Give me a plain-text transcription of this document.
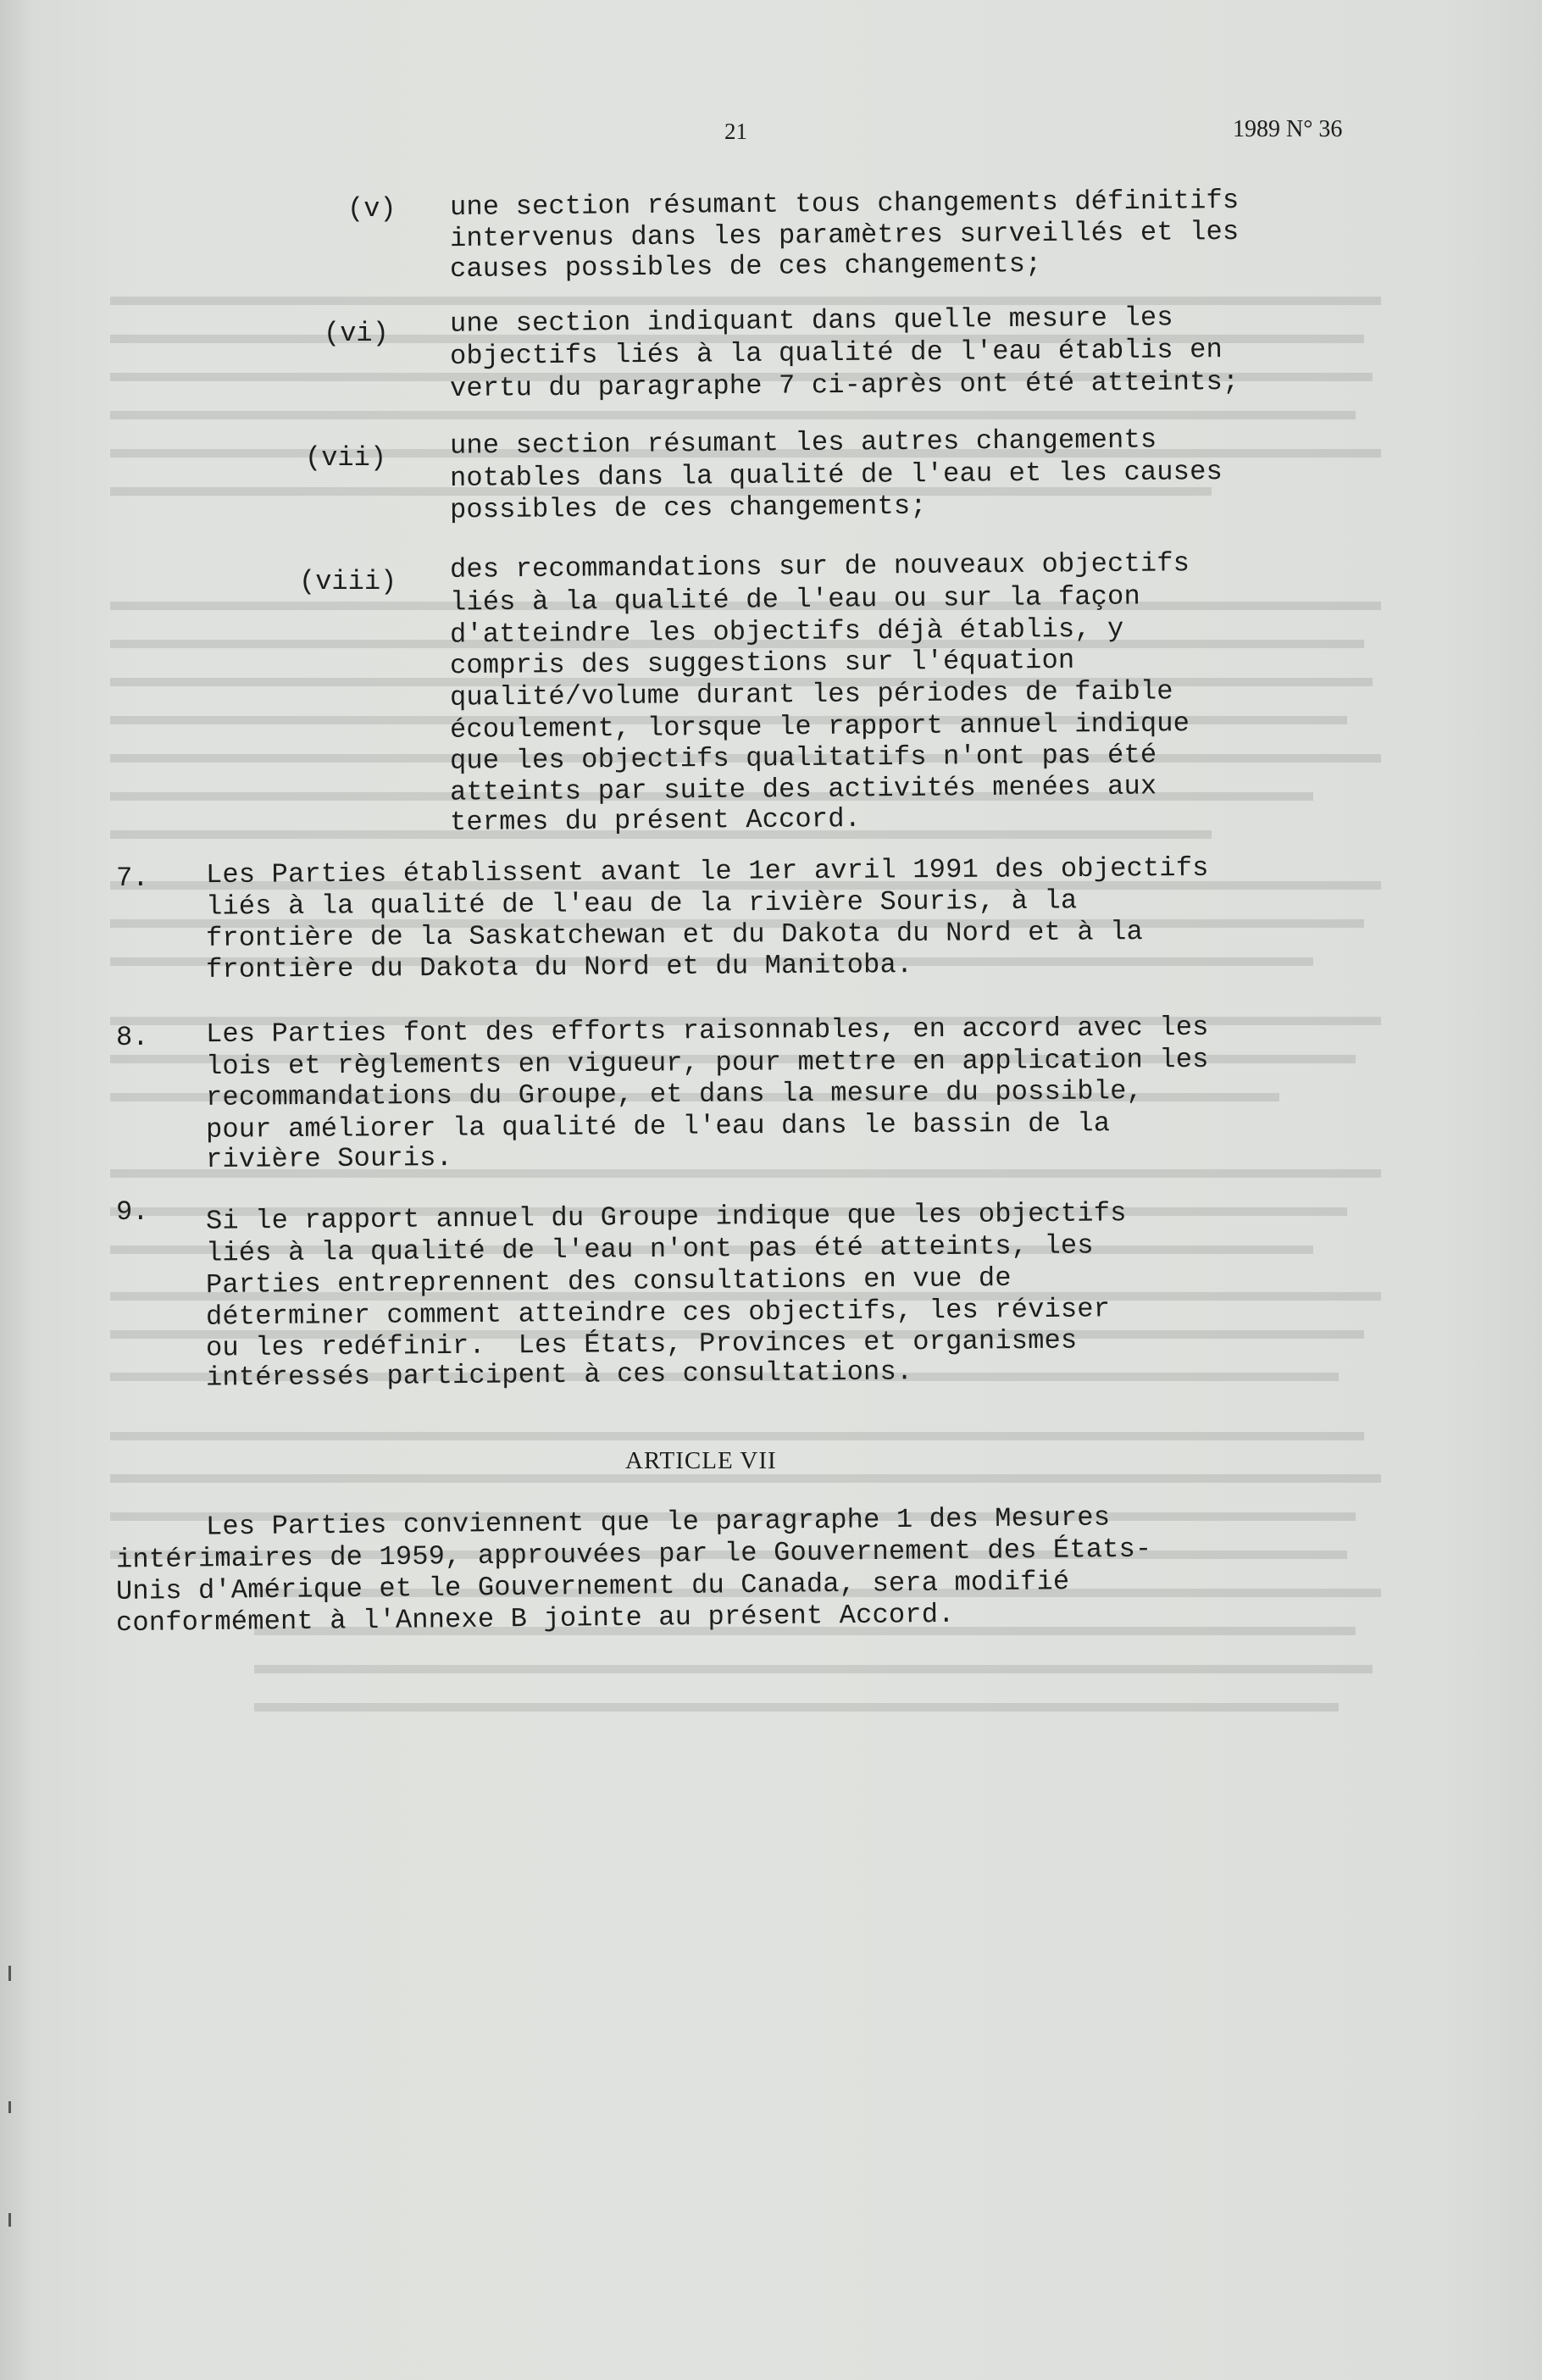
21	1989 N° 36
(v) une section résumant tous changements définitifs
intervenus dans les paramètres surveillés et les
causes possibles de ces changements;
(vi) une section indiquant dans quelle mesure les
objectifs liés à la qualité de l'eau établis en
vertu du paragraphe 7 ci-après ont été atteints;
(vii) une section résumant les autres changements
notables dans la qualité de l'eau et les causes
possibles de ces changements;
(viii) des recommandations sur de nouveaux objectifs
liés à la qualité de l'eau ou sur la façon
d'atteindre les objectifs déjà établis, y
compris des suggestions sur l'équation
qualité/volume durant les périodes de faible
écoulement, lorsque le rapport annuel indique
que les objectifs qualitatifs n'ont pas été
atteints par suite des activités menées aux
termes du présent Accord.
7. Les Parties établissent avant le 1er avril 1991 des objectifs
liés à la qualité de l'eau de la rivière Souris, à la
frontière de la Saskatchewan et du Dakota du Nord et à la
frontière du Dakota du Nord et du Manitoba.
8. Les Parties font des efforts raisonnables, en accord avec les
lois et règlements en vigueur, pour mettre en application les
recommandations du Groupe, et dans la mesure du possible,
pour améliorer la qualité de l'eau dans le bassin de la
rivière Souris.
9. Si le rapport annuel du Groupe indique que les objectifs
liés à la qualité de l'eau n'ont pas été atteints, les
Parties entreprennent des consultations en vue de
déterminer comment atteindre ces objectifs, les réviser
ou les redéfinir.  Les États, Provinces et organismes
intéressés participent à ces consultations.
ARTICLE VII
Les Parties conviennent que le paragraphe 1 des Mesures
intérimaires de 1959, approuvées par le Gouvernement des États-
Unis d'Amérique et le Gouvernement du Canada, sera modifié
conformément à l'Annexe B jointe au présent Accord.
